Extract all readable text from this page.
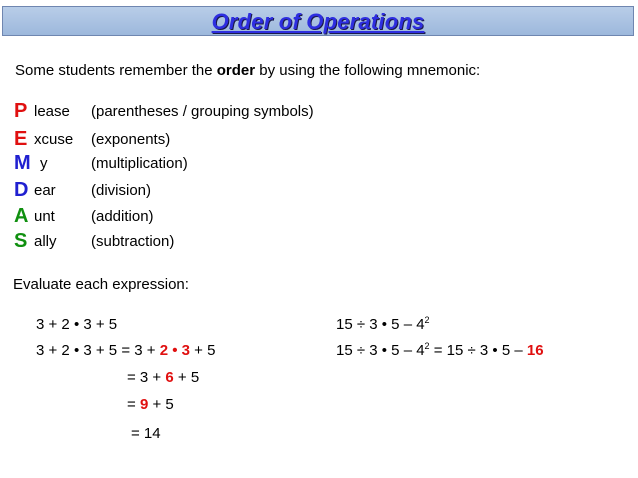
Order of Operations
Some students remember the order by using the following mnemonic:
P lease (parentheses / grouping symbols)
E xcuse (exponents)
M y	(multiplication)
D ear (division)
A unt (addition)
S ally (subtraction)
Evaluate each expression:
3 + 2 • 3 + 5
3 + 2 • 3 + 5 = 3 + 2 • 3 + 5
= 3 + 6 + 5
= 9 + 5
= 14
15 ÷ 3 • $5 - 4^2$
15 ÷ 3 • $5 - 4^2 = 15 \div 3$ • 5 – 16
